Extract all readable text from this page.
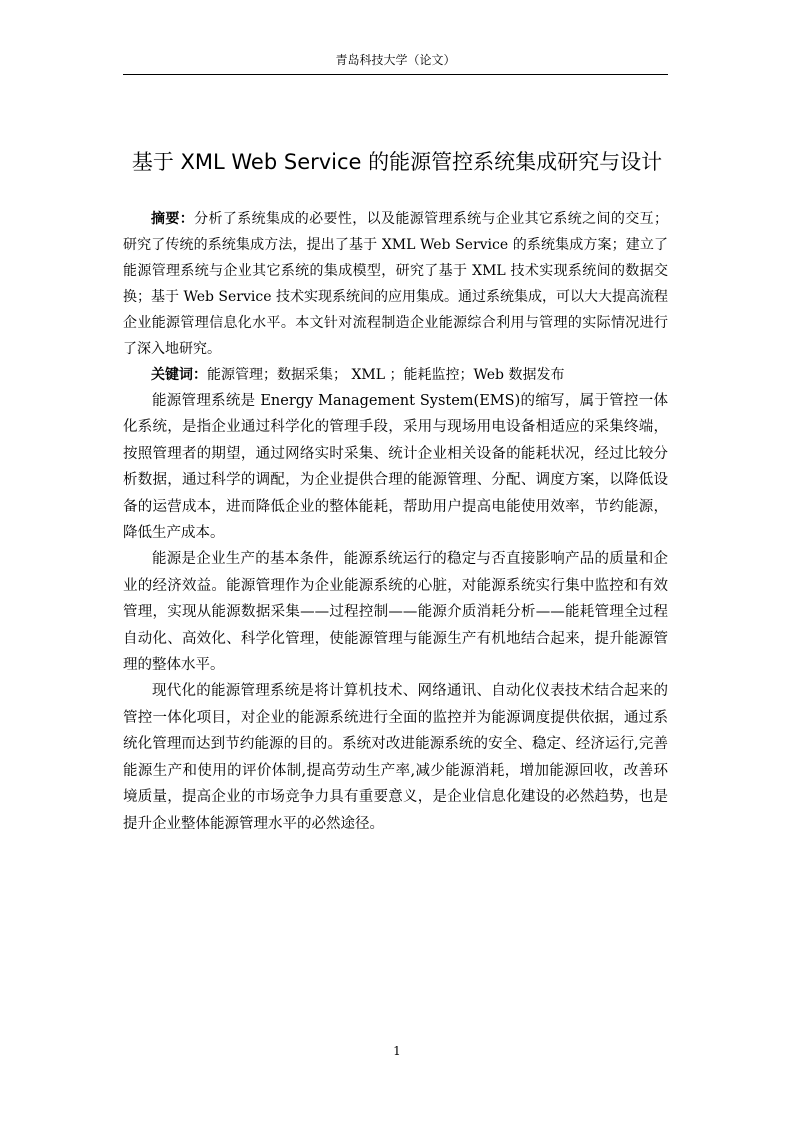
青岛科技大学（论文）
基于 XML Web Service 的能源管控系统集成研究与设计

摘要：分析了系统集成的必要性，以及能源管理系统与企业其它系统之间的交互；研究了传统的系统集成方法，提出了基于 XML Web Service 的系统集成方案；建立了能源管理系统与企业其它系统的集成模型，研究了基于 XML 技术实现系统间的数据交换；基于 Web Service 技术实现系统间的应用集成。通过系统集成，可以大大提高流程企业能源管理信息化水平。本文针对流程制造企业能源综合利用与管理的实际情况进行了深入地研究。

关键词：能源管理；数据采集； XML ；能耗监控；Web 数据发布

能源管理系统是 Energy Management System(EMS)的缩写，属于管控一体化系统，是指企业通过科学化的管理手段，采用与现场用电设备相适应的采集终端，按照管理者的期望，通过网络实时采集、统计企业相关设备的能耗状况，经过比较分析数据，通过科学的调配，为企业提供合理的能源管理、分配、调度方案，以降低设备的运营成本，进而降低企业的整体能耗，帮助用户提高电能使用效率，节约能源，降低生产成本。

能源是企业生产的基本条件，能源系统运行的稳定与否直接影响产品的质量和企业的经济效益。能源管理作为企业能源系统的心脏，对能源系统实行集中监控和有效管理，实现从能源数据采集——过程控制——能源介质消耗分析——能耗管理全过程自动化、高效化、科学化管理，使能源管理与能源生产有机地结合起来，提升能源管理的整体水平。

现代化的能源管理系统是将计算机技术、网络通讯、自动化仪表技术结合起来的管控一体化项目，对企业的能源系统进行全面的监控并为能源调度提供依据，通过系统化管理而达到节约能源的目的。系统对改进能源系统的安全、稳定、经济运行,完善能源生产和使用的评价体制,提高劳动生产率,减少能源消耗，增加能源回收，改善环境质量，提高企业的市场竞争力具有重要意义，是企业信息化建设的必然趋势，也是提升企业整体能源管理水平的必然途径。

1
